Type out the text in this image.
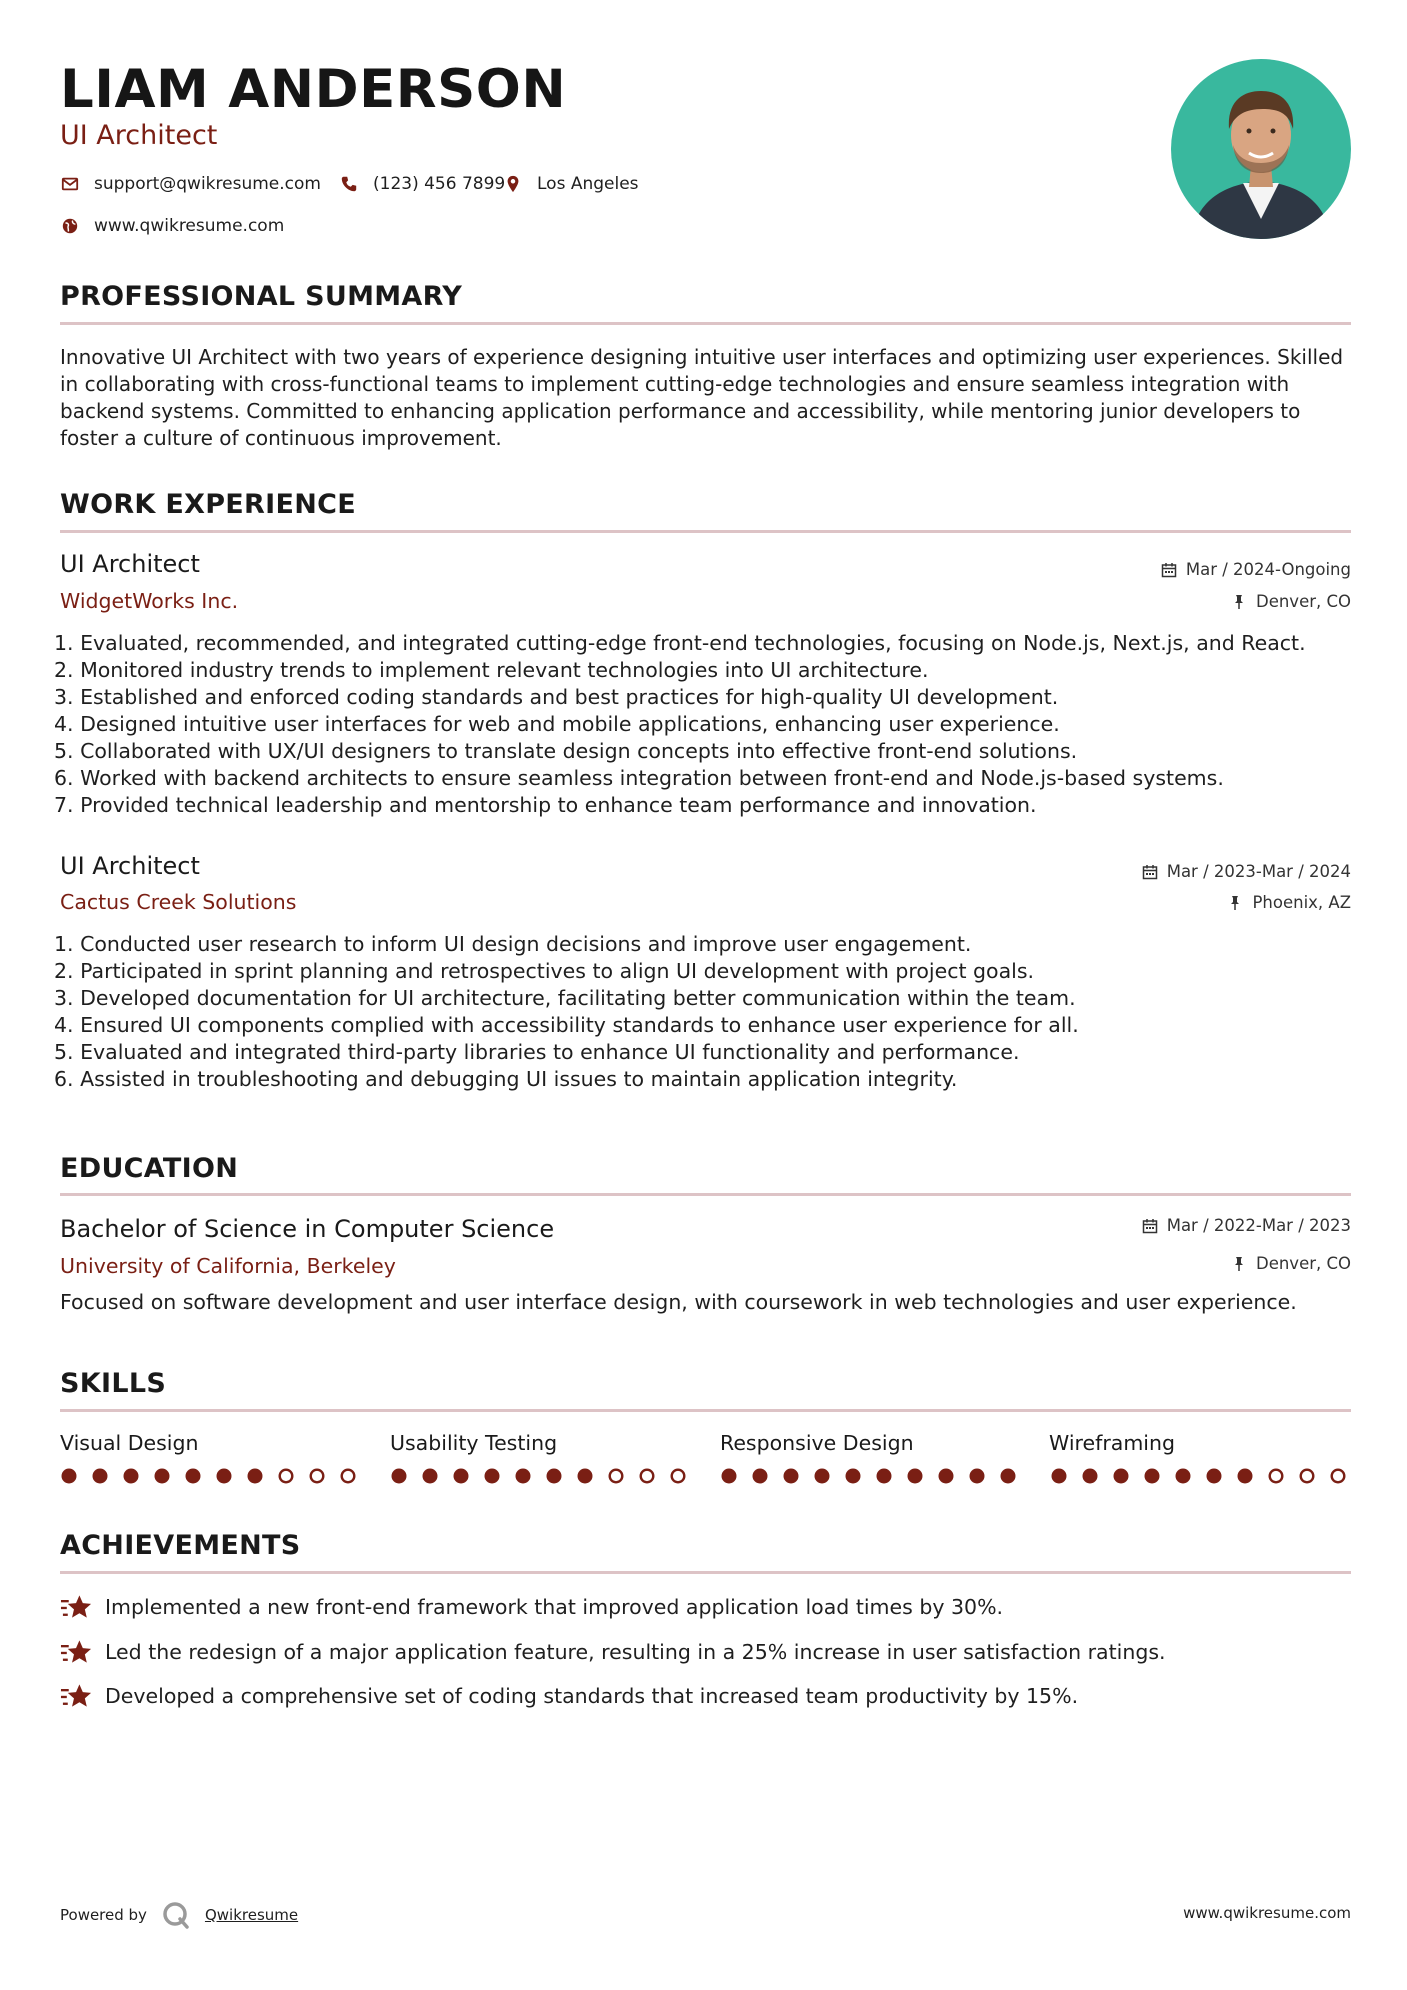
LIAM ANDERSON
UI Architect
support@qwikresume.com	(123) 456 7899 Los Angeles
www.qwikresume.com
PROFESSIONAL SUMMARY

Innovative UI Architect with two years of experience designing intuitive user interfaces and optimizing user experiences. Skilled in collaborating with cross-functional teams to implement cutting-edge technologies and ensure seamless integration with backend systems. Committed to enhancing application performance and accessibility, while mentoring junior developers to foster a culture of continuous improvement.

WORK EXPERIENCE
UI Architect
WidgetWorks Inc.
Mar / 2024-Ongoing
Denver, CO
1. Evaluated, recommended, and integrated cutting-edge front-end technologies, focusing on Node.js, Next.js, and React.
2. Monitored industry trends to implement relevant technologies into UI architecture.
3. Established and enforced coding standards and best practices for high-quality UI development.
4. Designed intuitive user interfaces for web and mobile applications, enhancing user experience.
5. Collaborated with UX/UI designers to translate design concepts into effective front-end solutions.
6. Worked with backend architects to ensure seamless integration between front-end and Node.js-based systems.
7. Provided technical leadership and mentorship to enhance team performance and innovation.
UI Architect
Cactus Creek Solutions
Mar / 2023-Mar / 2024
Phoenix, AZ
1. Conducted user research to inform UI design decisions and improve user engagement.
2. Participated in sprint planning and retrospectives to align UI development with project goals.
3. Developed documentation for UI architecture, facilitating better communication within the team.
4. Ensured UI components complied with accessibility standards to enhance user experience for all.
5. Evaluated and integrated third-party libraries to enhance UI functionality and performance.
6. Assisted in troubleshooting and debugging UI issues to maintain application integrity.
EDUCATION
Bachelor of Science in Computer Science
University of California, Berkeley
Mar / 2022-Mar / 2023
Denver, CO
Focused on software development and user interface design, with coursework in web technologies and user experience.
SKILLS
Visual Design	Usability Testing	Responsive Design	Wireframing
ACHIEVEMENTS
Implemented a new front-end framework that improved application load times by 30%.
Led the redesign of a major application feature, resulting in a 25% increase in user satisfaction ratings.
Developed a comprehensive set of coding standards that increased team productivity by 15%.
Powered by	Qwikresume	www.qwikresume.com
